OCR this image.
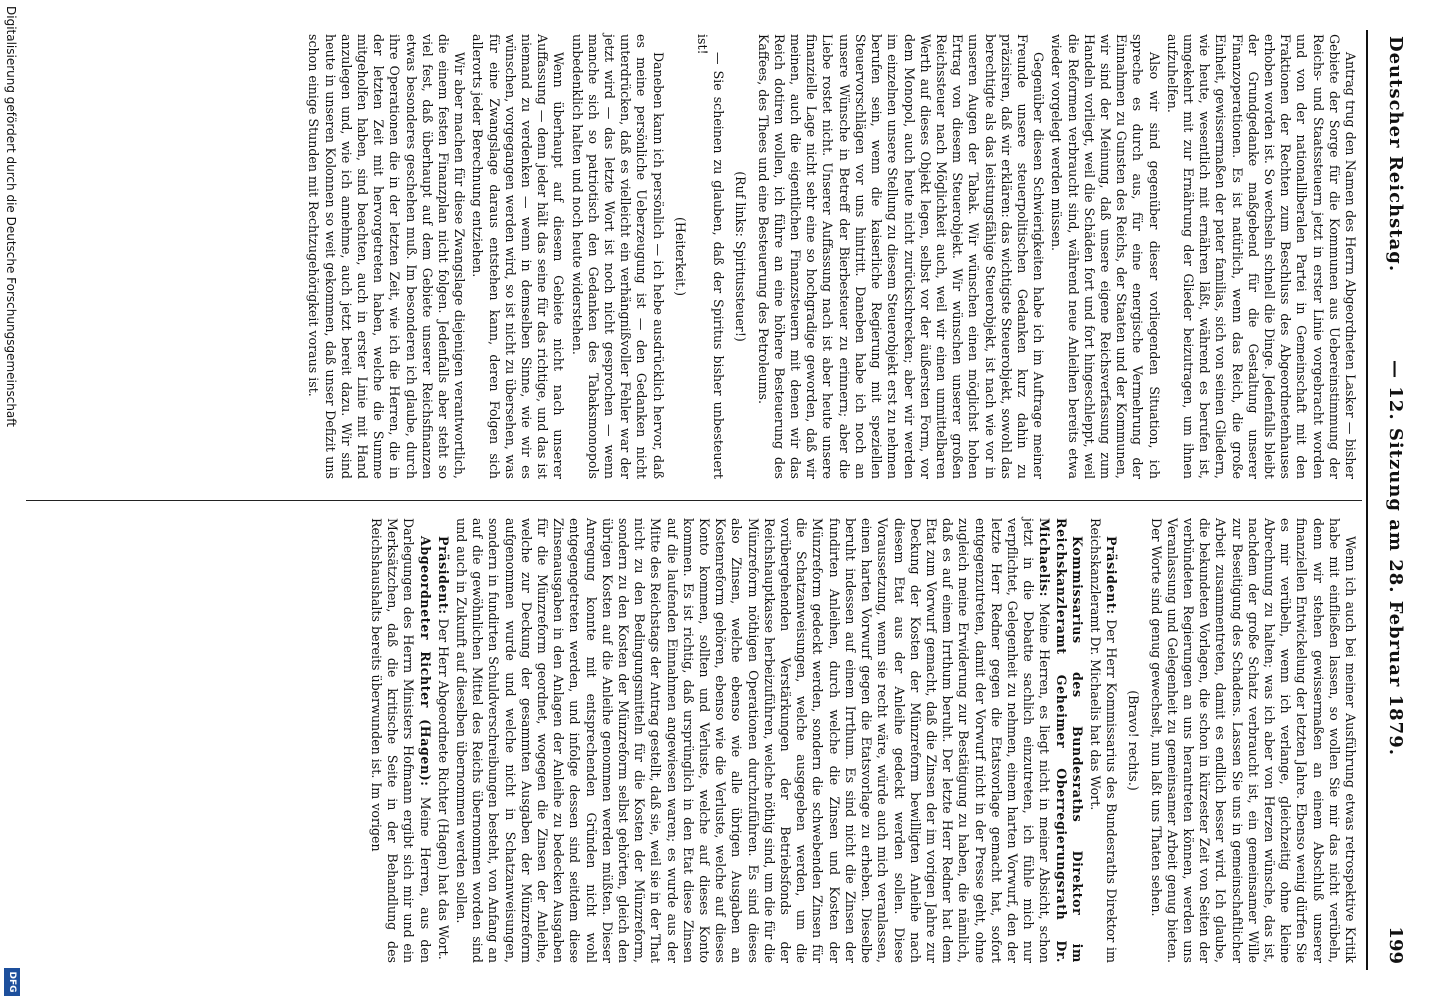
Deutscher Reichstag.
— 12. Sitzung am 28. Februar 1879.
199

Antrag trug den Namen des Herrn Abgeordneten Lasker — bisher Gebiete der Sorge für die Kommunen aus Uebereinstimmung der Reichs- und Staatssteuern jetzt in erster Linie vorgebracht worden und von der nationalliberalen Partei in Gemeinschaft mit den Fraktionen der Rechten zum Beschluss des Abgeordnetenhauses erhoben worden ist. So wechseln schnell die Dinge. Jedenfalls bleibt der Grundgedanke maßgebend für die Gestaltung unserer Finanzoperationen. Es ist natürlich, wenn das Reich, die große Einheit, gewissermaßen der pater familias, sich von seinen Gliedern, wie heute, wesentlich mit ernähren läßt, während es berufen ist, umgekehrt mit zur Ernährung der Glieder beizutragen, um ihnen aufzuhelfen.

Also wir sind gegenüber dieser vorliegenden Situation, ich spreche es durch aus, für eine energische Vermehrung der Einnahmen zu Gunsten des Reichs, der Staaten und der Kommunen, wir sind der Meinung, daß unsere eigene Reichsverfassung zum Handeln vorliegt, weil die Schäden fort und fort hingeschleppt, weil die Reformen verbraucht sind, während neue Anleihen bereits etwa wieder vorgelegt werden müssen.

Gegenüber diesen Schwierigkeiten habe ich im Auftrage meiner Freunde unsere steuerpolitischen Gedanken kurz dahin zu präzisiren, daß wir erklären: das wichtigste Steuerobjekt, sowohl das berechtigte als das leistungsfähige Steuerobjekt, ist nach wie vor in unseren Augen der Tabak. Wir wünschen einen möglichst hohen Ertrag von diesem Steuerobjekt. Wir wünschen unserer großen Reichssteuer nach Möglichkeit auch, weil wir einen unmittelbaren Werth auf dieses Objekt legen, selbst vor der äußersten Form, vor dem Monopol, auch heute nicht zurückschrecken; aber wir werden im einzelnen unsere Stellung zu diesem Steuerobjekt erst zu nehmen berufen sein, wenn die kaiserliche Regierung mit speziellen Steuervorschlägen vor uns hintritt. Daneben habe ich noch an unsere Wünsche in Betreff der Bierbesteuer zu erinnern; aber die Liebe rostet nicht. Unserer Auffassung nach ist aber heute unsere finanzielle Lage nicht sehr eine so hochgradige geworden, daß wir meinen, auch die eigentlichen Finanzsteuern mit denen wir das Reich dotiren wollen, ich führe an eine höhere Besteuerung des Kaffees, des Thees und eine Besteuerung des Petroleums.

(Ruf links: Spiritussteuer!)

— Sie scheinen zu glauben, daß der Spiritus bisher unbesteuert ist!

(Heiterkeit.)

Daneben kann ich persönlich — ich hebe ausdrücklich hervor, daß es meine persönliche Ueberzeugung ist — den Gedanken nicht unterdrücken, daß es vielleicht ein verhängnißvoller Fehler war der jetzt wird — das letzte Wort ist noch nicht gesprochen — wenn manche sich so patriotisch den Gedanken des Tabaksmonopols unbedenklich halten und noch heute widerstehen.

Wenn überhaupt auf diesem Gebiete nicht nach unserer Auffassung — denn jeder hält das seine für das richtige, und das ist niemand zu verdenken — wenn in demselben Sinne, wie wir es wünschen, vorgegangen werden wird, so ist nicht zu übersehen, was für eine Zwangslage daraus entstehen kann, deren Folgen sich allerorts jeder Berechnung entziehen.

Wir aber machen für diese Zwangslage diejenigen verantwortlich, die einem festen Finanzplan nicht folgen. Jedenfalls aber steht so viel fest, daß überhaupt auf dem Gebiete unserer Reichsfinanzen etwas besonderes geschehen muß. Im besonderen ich glaube, durch ihre Operationen die in der letzten Zeit, wie ich die Herren, die in der letzten Zeit mit hervorgetreten haben, welche die Summe mitgeholfen haben, sind beachten, auch in erster Linie mit Hand anzulegen und, wie ich annehme, auch jetzt bereit dazu. Wir sind heute in unseren Kolonnen so weit gekommen, daß unser Defizit uns schon einige Stunden mit Rechtzugehörigkeit voraus ist.

Wenn ich auch bei meiner Ausführung etwas retrospektive Kritik habe mit einfließen lassen, so wollen Sie mir das nicht verübeln, denn wir stehen gewissermaßen an einem Abschluß unserer finanziellen Entwickelung der letzten Jahre. Ebenso wenig dürfen Sie es mir verübeln, wenn ich verlange, gleichzeitig ohne kleine Abrechnung zu halten; was ich aber von Herzen wünsche, das ist, nachdem der große Schatz verbraucht ist, ein gemeinsamer Wille zur Beseitigung des Schadens. Lassen Sie uns in gemeinschaftlicher Arbeit zusammentreten, damit es endlich besser wird. Ich glaube, die bekundeten Vorlagen, die schon in kürzester Zeit von Seiten der verbündeten Regierungen an uns herantreten können, werden uns Veranlassung und Gelegenheit zu gemeinsamer Arbeit genug bieten. Der Worte sind genug gewechselt, nun laßt uns Thaten sehen.

(Bravo! rechts.)

Präsident: Der Herr Kommissarius des Bundesraths Direktor im Reichskanzleramt Dr. Michaelis hat das Wort.

Kommissarius des Bundesraths Direktor im Reichskanzleramt Geheimer Oberregierungsrath Dr. Michaelis: Meine Herren, es liegt nicht in meiner Absicht, schon jetzt in die Debatte sachlich einzutreten, ich fühle mich nur verpflichtet, Gelegenheit zu nehmen, einem harten Vorwurf, den der letzte Herr Redner gegen die Etatsvorlage gemacht hat, sofort entgegenzutreten, damit der Vorwurf nicht in der Presse geht, ohne zugleich meine Erwiderung zur Bestätigung zu haben, die nämlich, daß es auf einem Irrthum beruht. Der letzte Herr Redner hat dem Etat zum Vorwurf gemacht, daß die Zinsen der im vorigen Jahre zur Deckung der Kosten der Münzreform bewilligten Anleihe nach diesem Etat aus der Anleihe gedeckt werden sollen. Diese Voraussetzung, wenn sie recht wäre, würde auch mich veranlassen, einen harten Vorwurf gegen die Etatsvorlage zu erheben. Dieselbe beruht indessen auf einem Irrthum. Es sind nicht die Zinsen der fundirten Anleihen, durch welche die Zinsen und Kosten der Münzreform gedeckt werden, sondern die schwebenden Zinsen für die Schatzanweisungen, welche ausgegeben werden, um die vorübergehenden Verstärkungen der Betriebsfonds der Reichshauptkasse herbeizuführen, welche nöthig sind, um die für die Münzreform nöthigen Operationen durchzuführen. Es sind dieses also Zinsen, welche ebenso wie alle übrigen Ausgaben an Kostenreform gehören, ebenso wie die Verluste, welche auf dieses Konto kommen, sollten und Verluste, welche auf dieses Konto kommen. Es ist richtig, daß ursprünglich in den Etat diese Zinsen auf die laufenden Einnahmen angewiesen waren; es wurde aus der Mitte des Reichstags der Antrag gestellt, daß sie, weil sie in der That nicht zu den Bedingungsmitteln für die Kosten der Münzreform, sondern zu den Kosten der Münzreform selbst gehörten, gleich den übrigen Kosten auf die Anleihe genommen werden müßten. Dieser Anregung konnte mit entsprechenden Gründen nicht wohl entgegengetreten werden, und infolge dessen sind seitdem diese Zinsenausgaben in den Anlagen der Anleihe zu bedecken Ausgaben für die Münzreform geordnet, wogegen die Zinsen der Anleihe, welche zur Deckung der gesammten Ausgaben der Münzreform aufgenommen wurde und welche nicht in Schatzanweisungen, sondern in fundirten Schuldverschreibungen besteht, von Anfang an auf die gewöhnlichen Mittel des Reichs übernommen worden sind und auch in Zukunft auf dieselben übernommen werden sollen.

Präsident: Der Herr Abgeordnete Richter (Hagen) hat das Wort.

Abgeordneter Richter (Hagen): Meine Herren, aus den Darlegungen des Herrn Ministers Hofmann ergibt sich mir und ein Merksätzchen, daß die kritische Seite in der Behandlung des Reichshaushalts bereits überwunden ist. Im vorigen

Digitalisierung gefördert durch die Deutsche Forschungsgemeinschaft
DFG
